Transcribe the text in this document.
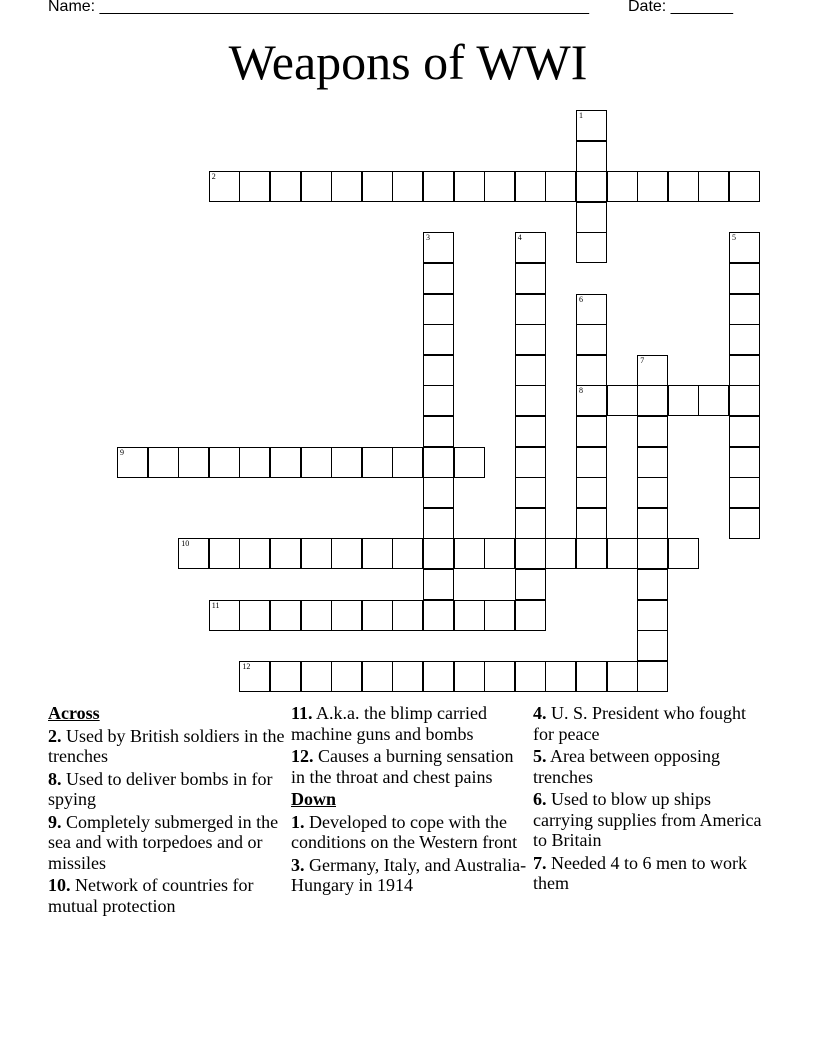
Name: _______________________________________________________ Date: _______
Weapons of WWI
1
2
3	4	5
6
8
7
9
10
11
12
Across
2. Used by British soldiers in the trenches
8. Used to deliver bombs in for spying
9. Completely submerged in the sea and with torpedoes and or missiles
10. Network of countries for mutual protection
11. A.k.a. the blimp carried machine guns and bombs
12. Causes a burning sensation in the throat and chest pains
Down
1. Developed to cope with the conditions on the Western front
3. Germany, Italy, and Australia- Hungary in 1914
4. U. S. President who fought for peace
5. Area between opposing trenches
6. Used to blow up ships carrying supplies from America to Britain
7. Needed 4 to 6 men to work them
